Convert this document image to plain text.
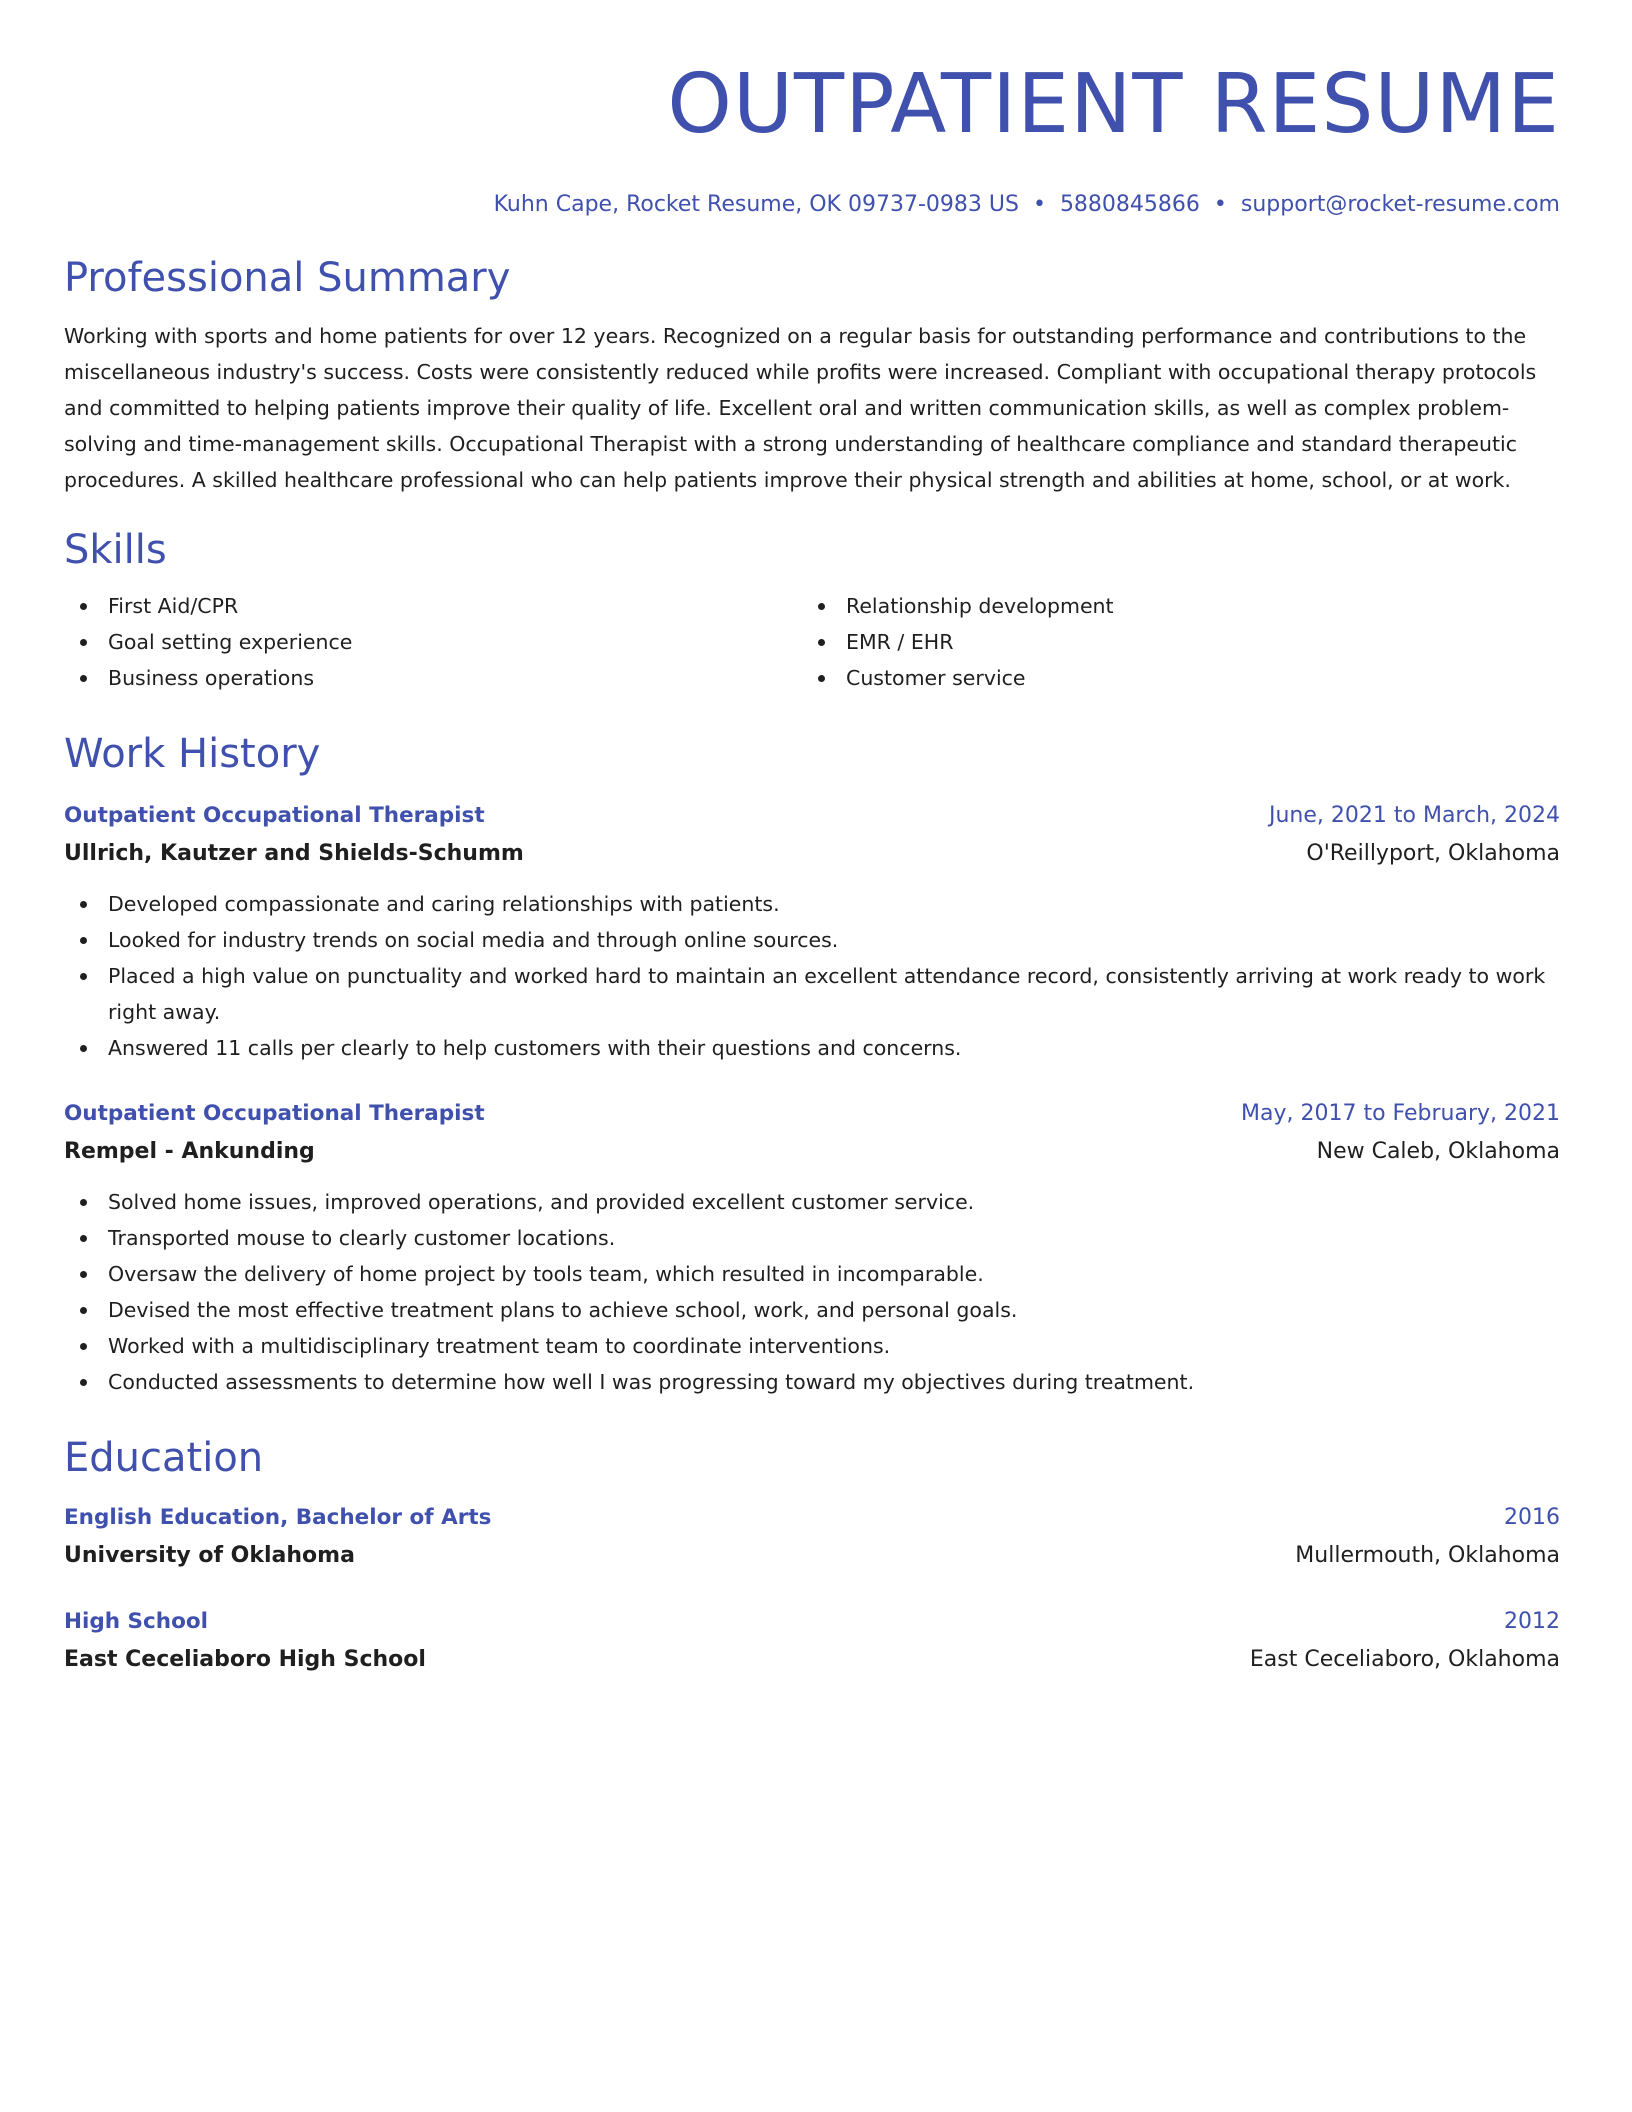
OUTPATIENT RESUME
Kuhn Cape, Rocket Resume, OK 09737-0983 US • 5880845866 • support@rocket-resume.com
Professional Summary
Working with sports and home patients for over 12 years. Recognized on a regular basis for outstanding performance and contributions to the miscellaneous industry's success. Costs were consistently reduced while profits were increased. Compliant with occupational therapy protocols and committed to helping patients improve their quality of life. Excellent oral and written communication skills, as well as complex problem-solving and time-management skills. Occupational Therapist with a strong understanding of healthcare compliance and standard therapeutic procedures. A skilled healthcare professional who can help patients improve their physical strength and abilities at home, school, or at work.
Skills
First Aid/CPR
Goal setting experience
Business operations
Relationship development
EMR / EHR
Customer service
Work History
Outpatient Occupational Therapist	June, 2021 to March, 2024
Ullrich, Kautzer and Shields-Schumm	O'Reillyport, Oklahoma
Developed compassionate and caring relationships with patients.
Looked for industry trends on social media and through online sources.
Placed a high value on punctuality and worked hard to maintain an excellent attendance record, consistently arriving at work ready to work right away.
Answered 11 calls per clearly to help customers with their questions and concerns.
Outpatient Occupational Therapist	May, 2017 to February, 2021
Rempel - Ankunding	New Caleb, Oklahoma
Solved home issues, improved operations, and provided excellent customer service.
Transported mouse to clearly customer locations.
Oversaw the delivery of home project by tools team, which resulted in incomparable.
Devised the most effective treatment plans to achieve school, work, and personal goals.
Worked with a multidisciplinary treatment team to coordinate interventions.
Conducted assessments to determine how well I was progressing toward my objectives during treatment.
Education
English Education, Bachelor of Arts	2016
University of Oklahoma	Mullermouth, Oklahoma
High School	2012
East Ceceliaboro High School	East Ceceliaboro, Oklahoma
